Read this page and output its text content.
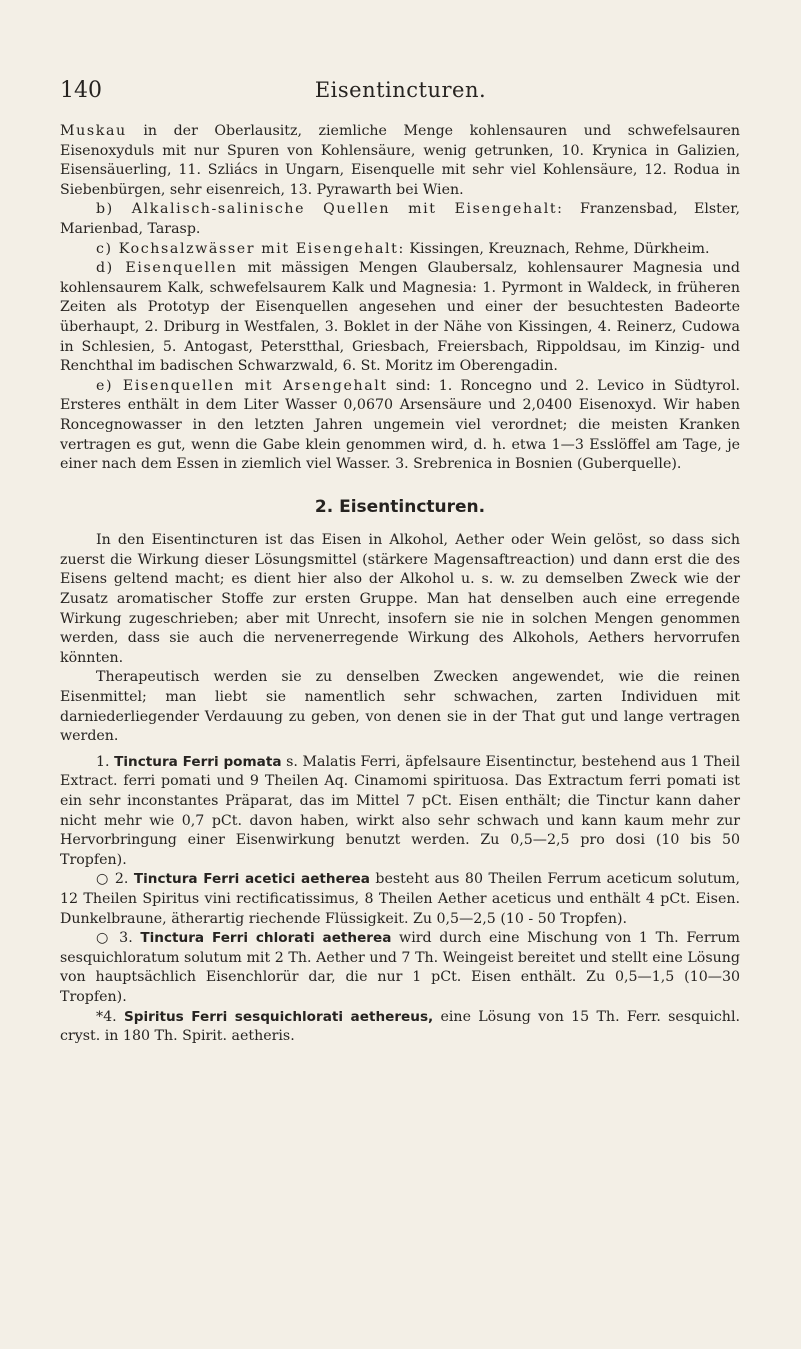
140	Eisentincturen.

Muskau in der Oberlausitz, ziemliche Menge kohlensauren und schwefelsauren Eisenoxyduls mit nur Spuren von Kohlensäure, wenig getrunken, 10. Krynica in Galizien, Eisensäuerling, 11. Szliács in Ungarn, Eisenquelle mit sehr viel Kohlensäure, 12. Rodua in Siebenbürgen, sehr eisenreich, 13. Pyrawarth bei Wien.

b) Alkalisch-salinische Quellen mit Eisengehalt: Franzensbad, Elster, Marienbad, Tarasp.

c) Kochsalzwässer mit Eisengehalt: Kissingen, Kreuznach, Rehme, Dürkheim.

d) Eisenquellen mit mässigen Mengen Glaubersalz, kohlensaurer Magnesia und kohlensaurem Kalk, schwefelsaurem Kalk und Magnesia: 1. Pyrmont in Waldeck, in früheren Zeiten als Prototyp der Eisenquellen angesehen und einer der besuchtesten Badeorte überhaupt, 2. Driburg in Westfalen, 3. Boklet in der Nähe von Kissingen, 4. Reinerz, Cudowa in Schlesien, 5. Antogast, Peterstthal, Griesbach, Freiersbach, Rippoldsau, im Kinzig- und Renchthal im badischen Schwarzwald, 6. St. Moritz im Oberengadin.

e) Eisenquellen mit Arsengehalt sind: 1. Roncegno und 2. Levico in Südtyrol. Ersteres enthält in dem Liter Wasser 0,0670 Arsensäure und 2,0400 Eisenoxyd. Wir haben Roncegnowasser in den letzten Jahren ungemein viel verordnet; die meisten Kranken vertragen es gut, wenn die Gabe klein genommen wird, d. h. etwa 1—3 Esslöffel am Tage, je einer nach dem Essen in ziemlich viel Wasser. 3. Srebrenica in Bosnien (Guberquelle).

2. Eisentincturen.

In den Eisentincturen ist das Eisen in Alkohol, Aether oder Wein gelöst, so dass sich zuerst die Wirkung dieser Lösungsmittel (stärkere Magensaftreaction) und dann erst die des Eisens geltend macht; es dient hier also der Alkohol u. s. w. zu demselben Zweck wie der Zusatz aromatischer Stoffe zur ersten Gruppe. Man hat denselben auch eine erregende Wirkung zugeschrieben; aber mit Unrecht, insofern sie nie in solchen Mengen genommen werden, dass sie auch die nervenerregende Wirkung des Alkohols, Aethers hervorrufen könnten.

Therapeutisch werden sie zu denselben Zwecken angewendet, wie die reinen Eisenmittel; man liebt sie namentlich sehr schwachen, zarten Individuen mit darniederliegender Verdauung zu geben, von denen sie in der That gut und lange vertragen werden.

1. Tinctura Ferri pomata s. Malatis Ferri, äpfelsaure Eisentinctur, bestehend aus 1 Theil Extract. ferri pomati und 9 Theilen Aq. Cinamomi spirituosa. Das Extractum ferri pomati ist ein sehr inconstantes Präparat, das im Mittel 7 pCt. Eisen enthält; die Tinctur kann daher nicht mehr wie 0,7 pCt. davon haben, wirkt also sehr schwach und kann kaum mehr zur Hervorbringung einer Eisenwirkung benutzt werden. Zu 0,5—2,5 pro dosi (10 bis 50 Tropfen).

○ 2. Tinctura Ferri acetici aetherea besteht aus 80 Theilen Ferrum aceticum solutum, 12 Theilen Spiritus vini rectificatissimus, 8 Theilen Aether aceticus und enthält 4 pCt. Eisen. Dunkelbraune, ätherartig riechende Flüssigkeit. Zu 0,5—2,5 (10 - 50 Tropfen).

○ 3. Tinctura Ferri chlorati aetherea wird durch eine Mischung von 1 Th. Ferrum sesquichloratum solutum mit 2 Th. Aether und 7 Th. Weingeist bereitet und stellt eine Lösung von hauptsächlich Eisenchlorür dar, die nur 1 pCt. Eisen enthält. Zu 0,5—1,5 (10—30 Tropfen).

*4. Spiritus Ferri sesquichlorati aethereus, eine Lösung von 15 Th. Ferr. sesquichl. cryst. in 180 Th. Spirit. aetheris.
